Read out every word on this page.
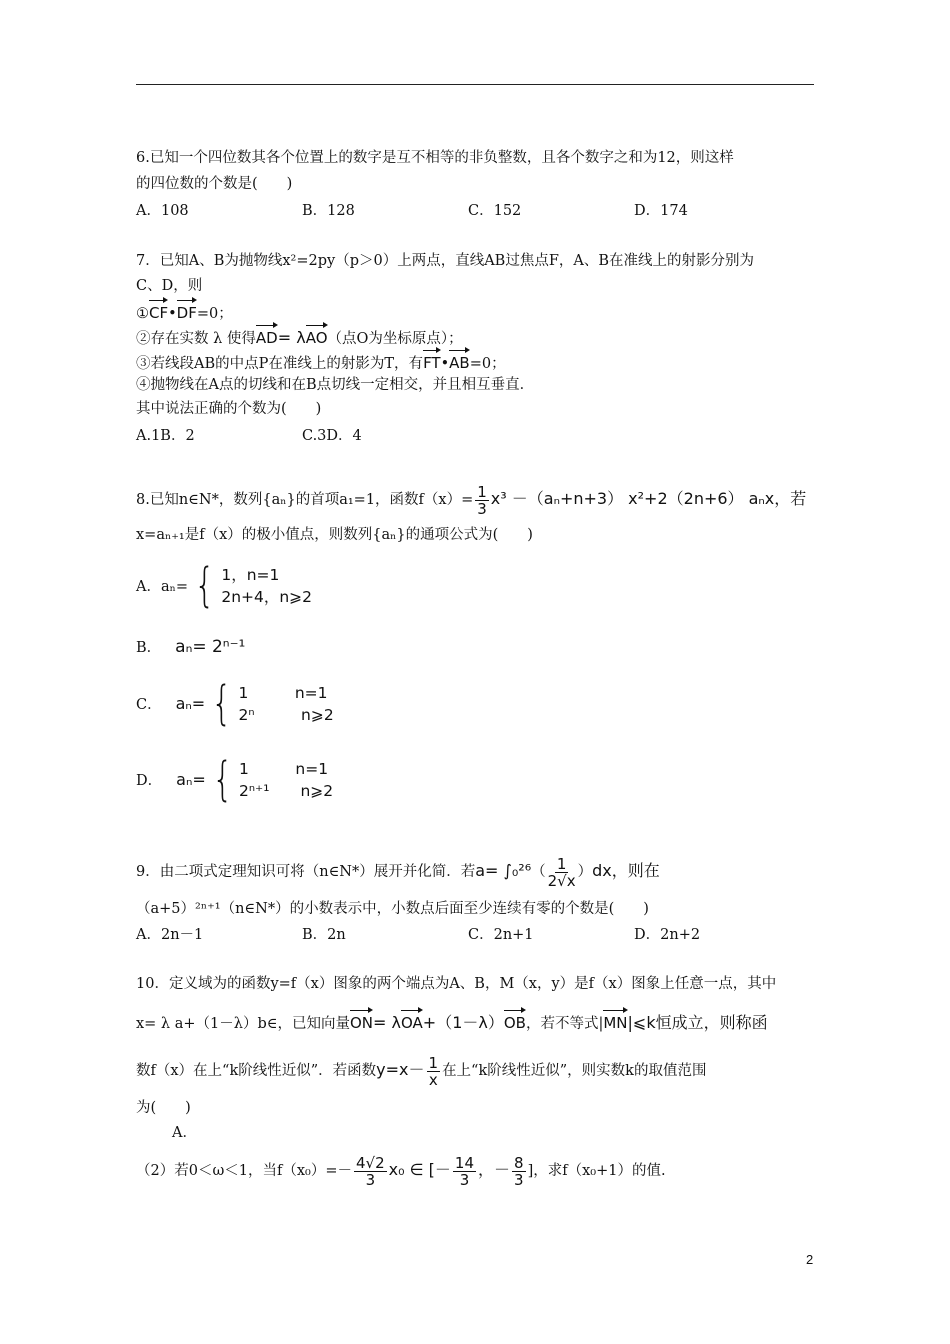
6.已知一个四位数其各个位置上的数字是互不相等的非负整数，且各个数字之和为12，则这样
的四位数的个数是(　　)
A．108	B．128	C．152	D．174
7．已知A、B为抛物线x²=2py（p＞0）上两点，直线AB过焦点F，A、B在准线上的射影分别为
C、D，则
①CF•DF=0；
②存在实数 λ 使得AD= λAO（点O为坐标原点）；
③若线段AB的中点P在准线上的射影为T，有FT•AB=0；
④抛物线在A点的切线和在B点切线一定相交，并且相互垂直．
其中说法正确的个数为(　　)
A.1B．2	C.3D．4
8.已知n∈N*，数列{aₙ}的首项a₁=1，函数$f(x)= \frac{1}{3} x^3 -(a_n+n+3)$ x²+2（2n+6） aₙx，若
x=aₙ₊₁是f（x）的极小值点，则数列{aₙ}的通项公式为(　　)
A．aₙ= { 1，n=1
2n+4，n⩾2
B． aₙ= 2ⁿ⁻¹
C． aₙ= { 1　　　n=1
2ⁿ　　　n⩾2
D． aₙ= { 1　　　n=1
2ⁿ⁺¹　　n⩾2
9．由二项式定理知识可将（n∈N*）展开并化简．若$a= \int_0^{26}( \frac{1}{2√x} )dx$，则在
（a+5）²ⁿ⁺¹（n∈N*）的小数表示中，小数点后面至少连续有零的个数是(　　)
A．2n－1	B．2n	C．2n+1	D．2n+2
10．定义域为的函数y=f（x）图象的两个端点为A、B，M（x，y）是f（x）图象上任意一点，其中
x= λ a+（1－λ）b∈，已知向量ON= λOA+（1－λ）OB，若不等式|MN|⩽k恒成立，则称函
数f（x）在上“k阶线性近似”．若函数$y=x- \frac{1}{x}$ 在上“k阶线性近似”，则实数k的取值范围
为(　　)
A．
（2）若0＜ω＜1，当$f(x_0)=- \frac{4√2}{3} x_0$ ∈ [－ $\frac{14}{3}$ ，－ $\frac{8}{3}$ ]，求f（x₀+1）的值.
2
